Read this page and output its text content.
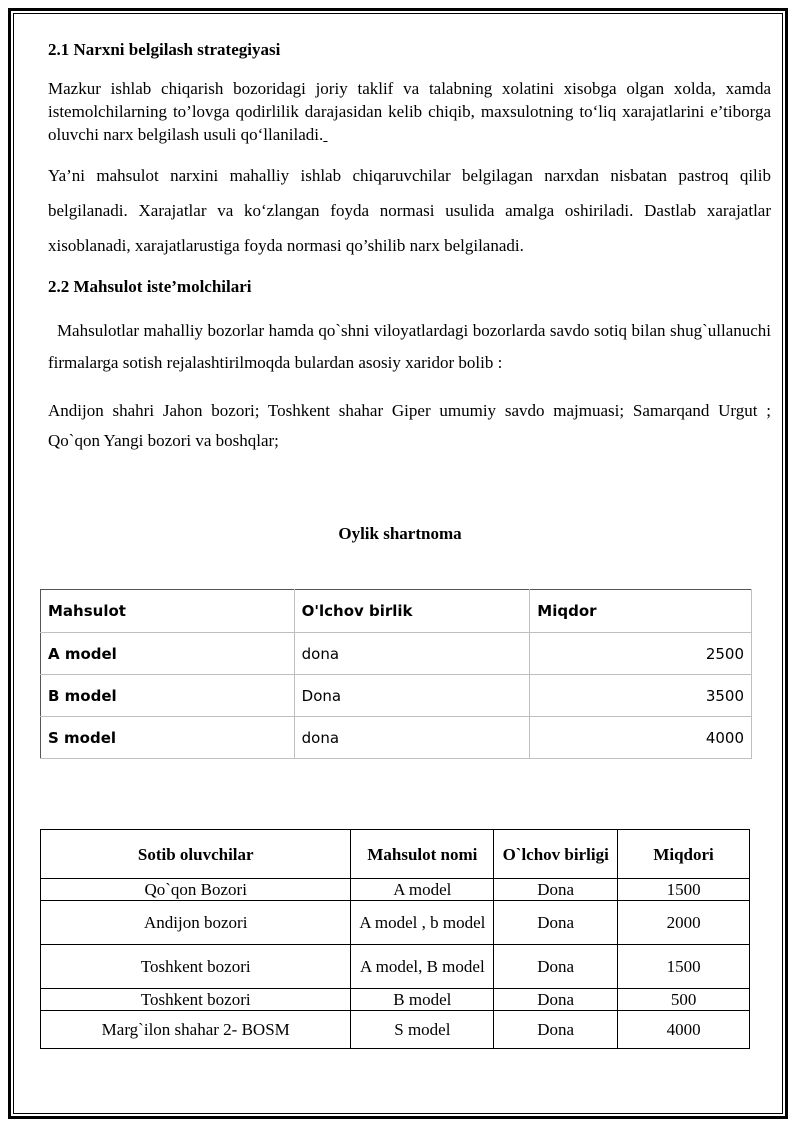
2.1 Narxni belgilash strategiyasi
Mazkur ishlab chiqarish bozoridagi joriy taklif va talabning xolatini xisobga olgan xolda, xamda istemolchilarning to’lovga qodirlilik darajasidan kelib chiqib, maxsulotning to‘liq xarajatlarini e’tiborga oluvchi narx belgilash usuli qo‘llaniladi.
Ya’ni mahsulot narxini mahalliy ishlab chiqaruvchilar belgilagan narxdan nisbatan pastroq qilib belgilanadi. Xarajatlar va ko‘zlangan foyda normasi usulida amalga oshiriladi. Dastlab xarajatlar xisoblanadi, xarajatlarustiga foyda normasi qo’shilib narx belgilanadi.
2.2 Mahsulot iste’molchilari
Mahsulotlar mahalliy bozorlar hamda qo`shni viloyatlardagi bozorlarda savdo sotiq bilan shug`ullanuchi  firmalarga sotish rejalashtirilmoqda bulardan asosiy xaridor bolib :
Andijon shahri Jahon bozori; Toshkent shahar Giper umumiy savdo majmuasi; Samarqand Urgut ; Qo`qon Yangi bozori va boshqlar;
Oylik shartnoma
Mahsulot	O'lchov birlik	Miqdor
A model	dona	2500
B model	Dona	3500
S model	dona	4000
Sotib oluvchilar	Mahsulot nomi	O`lchov birligi	Miqdori
Qo`qon Bozori	A model	Dona	1500
Andijon bozori	A model , b model	Dona	2000
Toshkent bozori	A model, B model	Dona	1500
Toshkent bozori	B model	Dona	500
Marg`ilon shahar 2- BOSM	S model	Dona	4000
